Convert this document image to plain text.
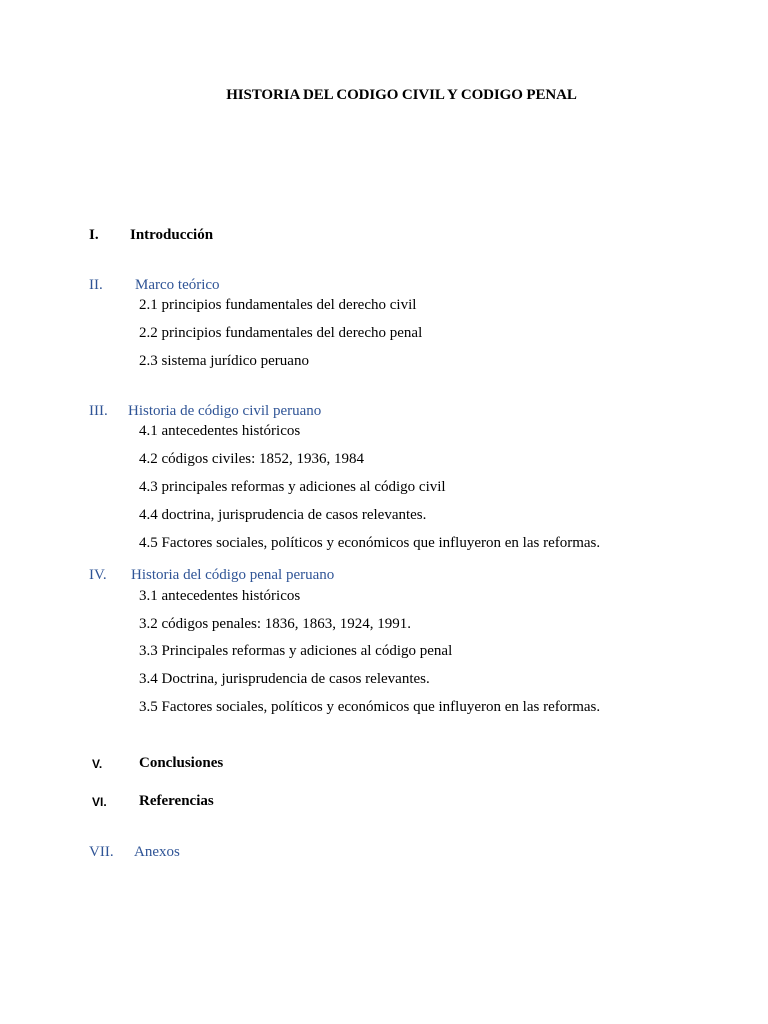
HISTORIA DEL CODIGO CIVIL Y CODIGO PENAL
I. Introducción
II. Marco teórico
2.1 principios fundamentales del derecho civil
2.2 principios fundamentales del derecho penal
2.3 sistema jurídico peruano
III. Historia de código civil peruano
4.1 antecedentes históricos
4.2 códigos civiles: 1852, 1936, 1984
4.3 principales reformas y adiciones al código civil
4.4 doctrina, jurisprudencia de casos relevantes.
4.5 Factores sociales, políticos y económicos que influyeron en las reformas.
IV. Historia del código penal peruano
3.1 antecedentes históricos
3.2 códigos penales: 1836, 1863, 1924, 1991.
3.3 Principales reformas y adiciones al código penal
3.4 Doctrina, jurisprudencia de casos relevantes.
3.5 Factores sociales, políticos y económicos que influyeron en las reformas.
V. Conclusiones
VI. Referencias
VII. Anexos
